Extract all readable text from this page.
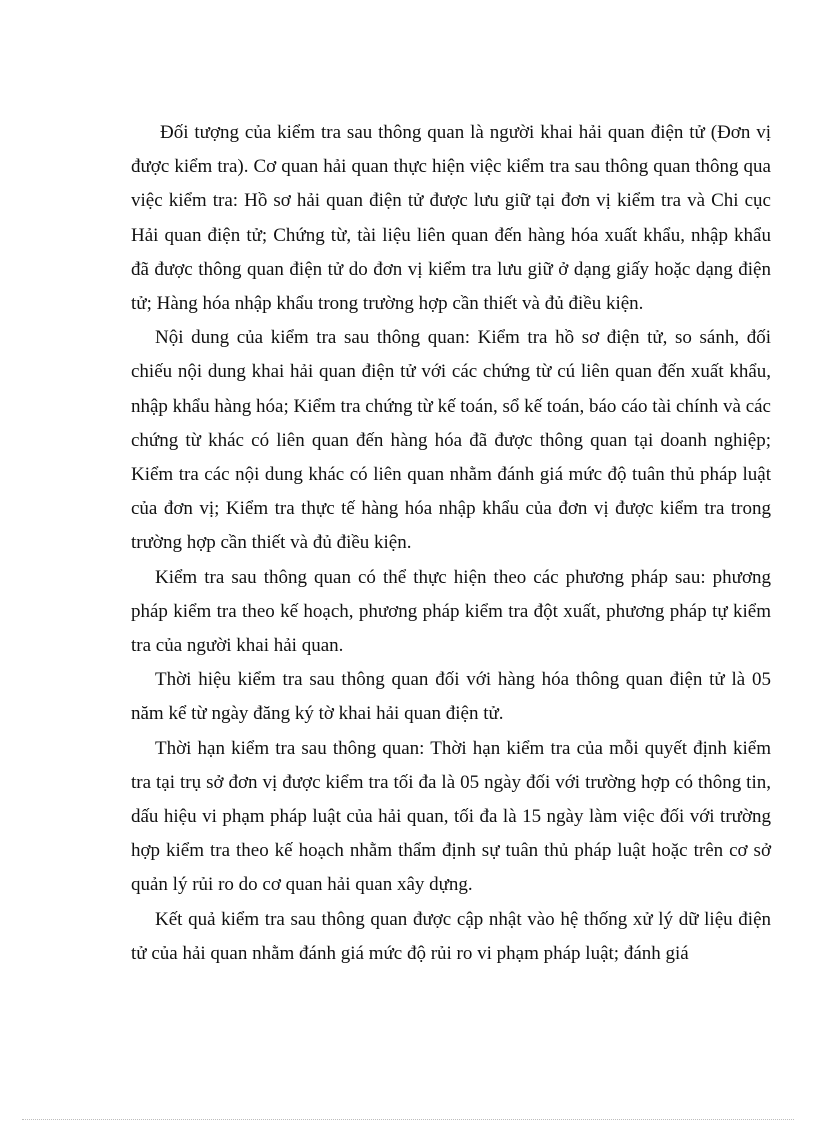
Đối tượng của kiểm tra sau thông quan là người khai hải quan điện tử (Đơn vị được kiểm tra). Cơ quan hải quan thực hiện việc kiểm tra sau thông quan thông qua việc kiểm tra: Hồ sơ hải quan điện tử được lưu giữ tại đơn vị kiểm tra và Chi cục Hải quan điện tử; Chứng từ, tài liệu liên quan đến hàng hóa xuất khẩu, nhập khẩu đã được thông quan điện tử do đơn vị kiểm tra lưu giữ ở dạng giấy hoặc dạng điện tử; Hàng hóa nhập khẩu trong trường hợp cần thiết và đủ điều kiện.

Nội dung của kiểm tra sau thông quan: Kiểm tra hồ sơ điện tử, so sánh, đối chiếu nội dung khai hải quan điện tử với các chứng từ cú liên quan đến xuất khẩu, nhập khẩu hàng hóa; Kiểm tra chứng từ kế toán, sổ kế toán, báo cáo tài chính và các chứng từ khác có liên quan đến hàng hóa đã được thông quan tại doanh nghiệp; Kiểm tra các nội dung khác có liên quan nhằm đánh giá mức độ tuân thủ pháp luật của đơn vị; Kiểm tra thực tế hàng hóa nhập khẩu của đơn vị được kiểm tra trong trường hợp cần thiết và đủ điều kiện.

Kiểm tra sau thông quan có thể thực hiện theo các phương pháp sau: phương pháp kiểm tra theo kế hoạch, phương pháp kiểm tra đột xuất, phương pháp tự kiểm tra của người khai hải quan.

Thời hiệu kiểm tra sau thông quan đối với hàng hóa thông quan điện tử là 05 năm kể từ ngày đăng ký tờ khai hải quan điện tử.

Thời hạn kiểm tra sau thông quan: Thời hạn kiểm tra của mỗi quyết định kiểm tra tại trụ sở đơn vị được kiểm tra tối đa là 05 ngày đối với trường hợp có thông tin, dấu hiệu vi phạm pháp luật của hải quan, tối đa là 15 ngày làm việc đối với trường hợp kiểm tra theo kế hoạch nhằm thẩm định sự tuân thủ pháp luật hoặc trên cơ sở quản lý rủi ro do cơ quan hải quan xây dựng.

Kết quả kiểm tra sau thông quan được cập nhật vào hệ thống xử lý dữ liệu điện tử của hải quan nhằm đánh giá mức độ rủi ro vi phạm pháp luật; đánh giá
